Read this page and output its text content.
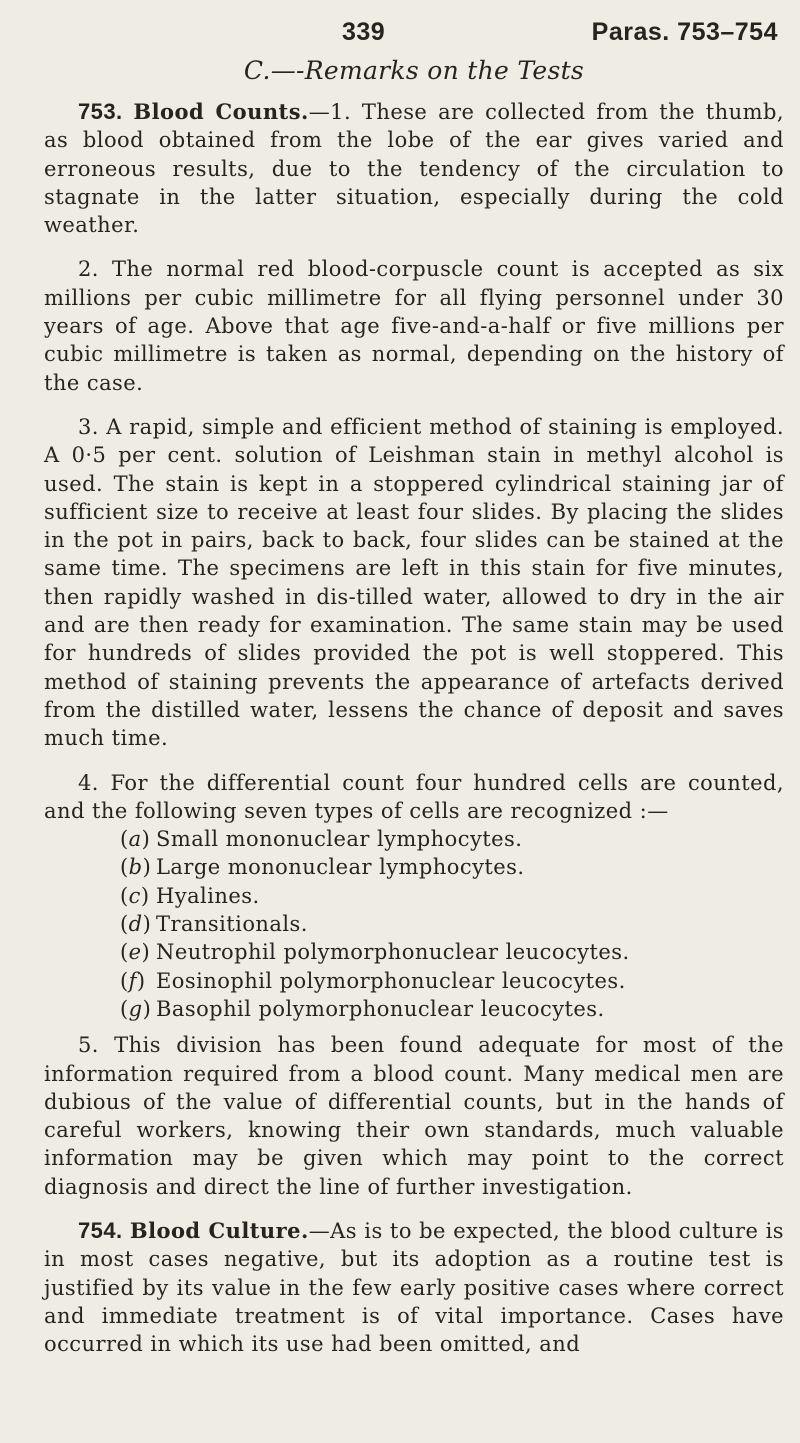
339	Paras. 753–754
C.—-Remarks on the Tests

753. Blood Counts.—1. These are collected from the thumb, as blood obtained from the lobe of the ear gives varied and erroneous results, due to the tendency of the circulation to stagnate in the latter situation, especially during the cold weather.

2. The normal red blood-corpuscle count is accepted as six millions per cubic millimetre for all flying personnel under 30 years of age. Above that age five-and-a-half or five millions per cubic millimetre is taken as normal, depending on the history of the case.

3. A rapid, simple and efficient method of staining is employed. A 0·5 per cent. solution of Leishman stain in methyl alcohol is used. The stain is kept in a stoppered cylindrical staining jar of sufficient size to receive at least four slides. By placing the slides in the pot in pairs, back to back, four slides can be stained at the same time. The specimens are left in this stain for five minutes, then rapidly washed in dis-tilled water, allowed to dry in the air and are then ready for examination. The same stain may be used for hundreds of slides provided the pot is well stoppered. This method of staining prevents the appearance of artefacts derived from the distilled water, lessens the chance of deposit and saves much time.

4. For the differential count four hundred cells are counted, and the following seven types of cells are recognized :—

(a) Small mononuclear lymphocytes.
(b) Large mononuclear lymphocytes.
(c) Hyalines.
(d) Transitionals.
(e) Neutrophil polymorphonuclear leucocytes.
(f) Eosinophil polymorphonuclear leucocytes.
(g) Basophil polymorphonuclear leucocytes.

5. This division has been found adequate for most of the information required from a blood count. Many medical men are dubious of the value of differential counts, but in the hands of careful workers, knowing their own standards, much valuable information may be given which may point to the correct diagnosis and direct the line of further investigation.

754. Blood Culture.—As is to be expected, the blood culture is in most cases negative, but its adoption as a routine test is justified by its value in the few early positive cases where correct and immediate treatment is of vital importance. Cases have occurred in which its use had been omitted, and
